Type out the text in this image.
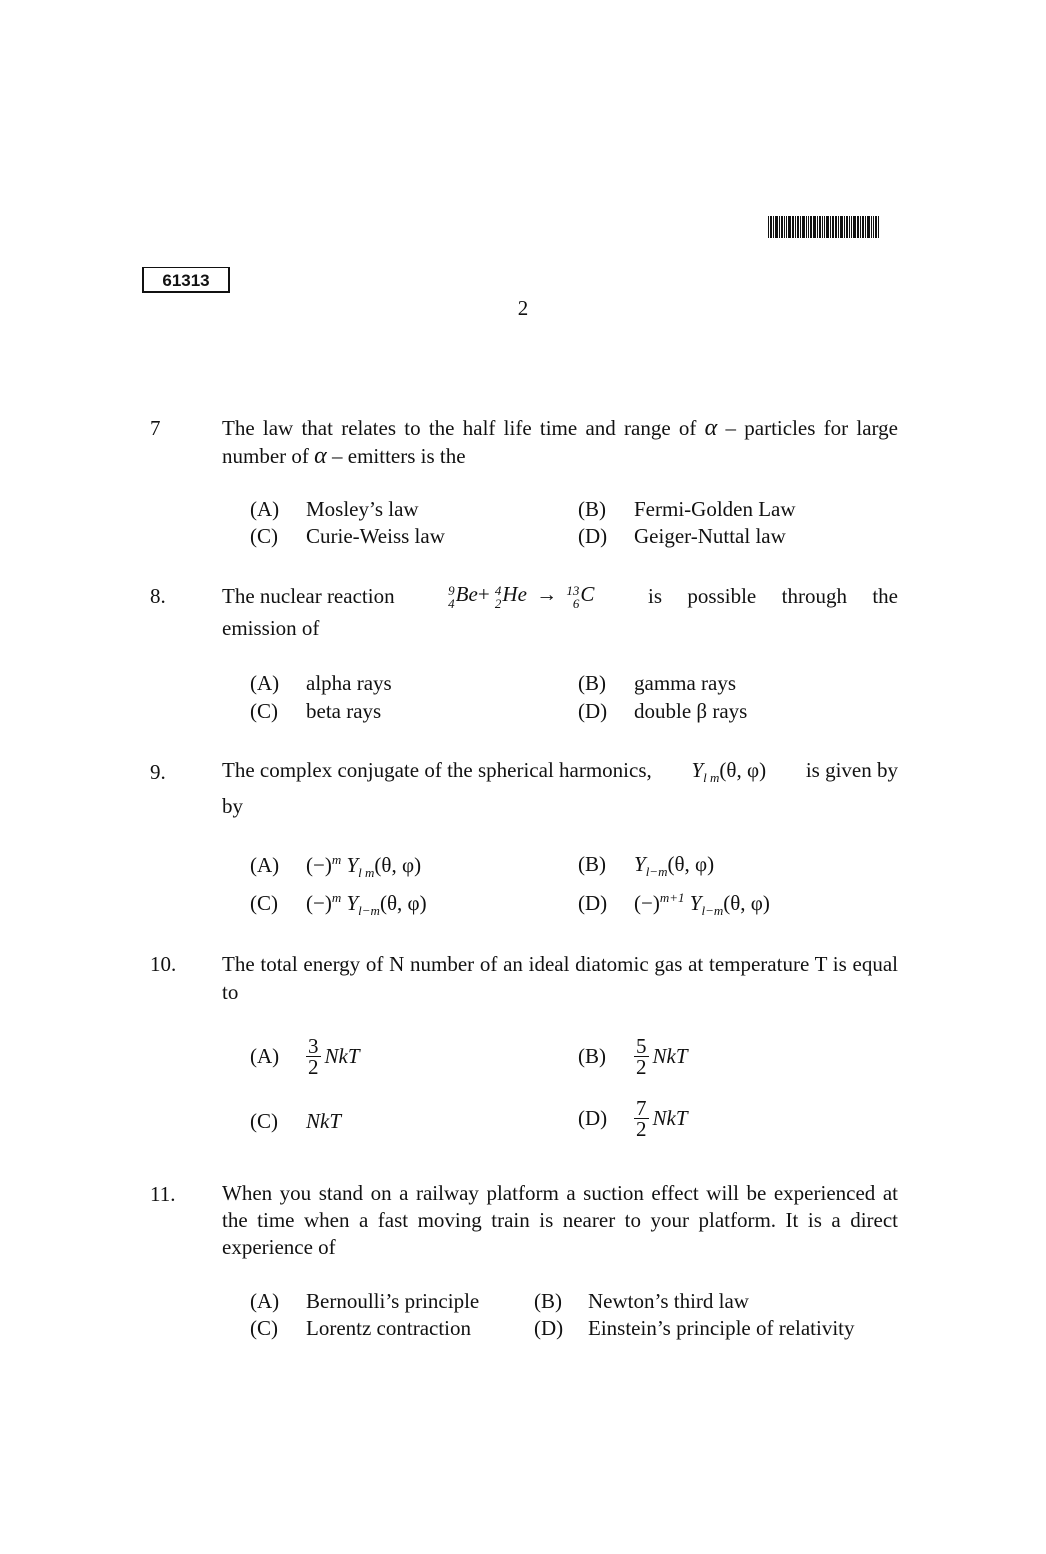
61313
2
7	The law that relates to the half life time and range of α – particles for large number of α – emitters is the
(A) Mosley’s law	(B) Fermi-Golden Law
(C) Curie-Weiss law	(D) Geiger-Nuttal law
8.	The nuclear reaction	9
4 Be+ 4
2 He → 13
6 C	is possible through the
emission of
(A) alpha rays	(B) gamma rays
(C) beta rays	(D) double β rays
9.	The complex conjugate of the spherical harmonics, $Y_{l m}(\theta$, φ) is given by
by
(A) $(-)^m$ $Y_{l m}(\theta$, φ)	(B) $Y_{l-m}(\theta$, φ)
(C) $(-)^m$ $Y_{l-m}(\theta$, φ)	(D) $(-)^{m+1}$ $Y_{l-m}(\theta$, φ)
10. The total energy of N number of an ideal diatomic gas at temperature T is equal to
(A)	$\frac{3}{2}$ NkT	(B)	$\frac{5}{2}$ NkT
(C) NkT	(D)	$\frac{7}{2}$ NkT
11. When you stand on a railway platform a suction effect will be experienced at the time when a fast moving train is nearer to your platform. It is a direct experience of
(A) Bernoulli’s principle	(B) Newton’s third law
(C) Lorentz contraction	(D) Einstein’s principle of relativity
